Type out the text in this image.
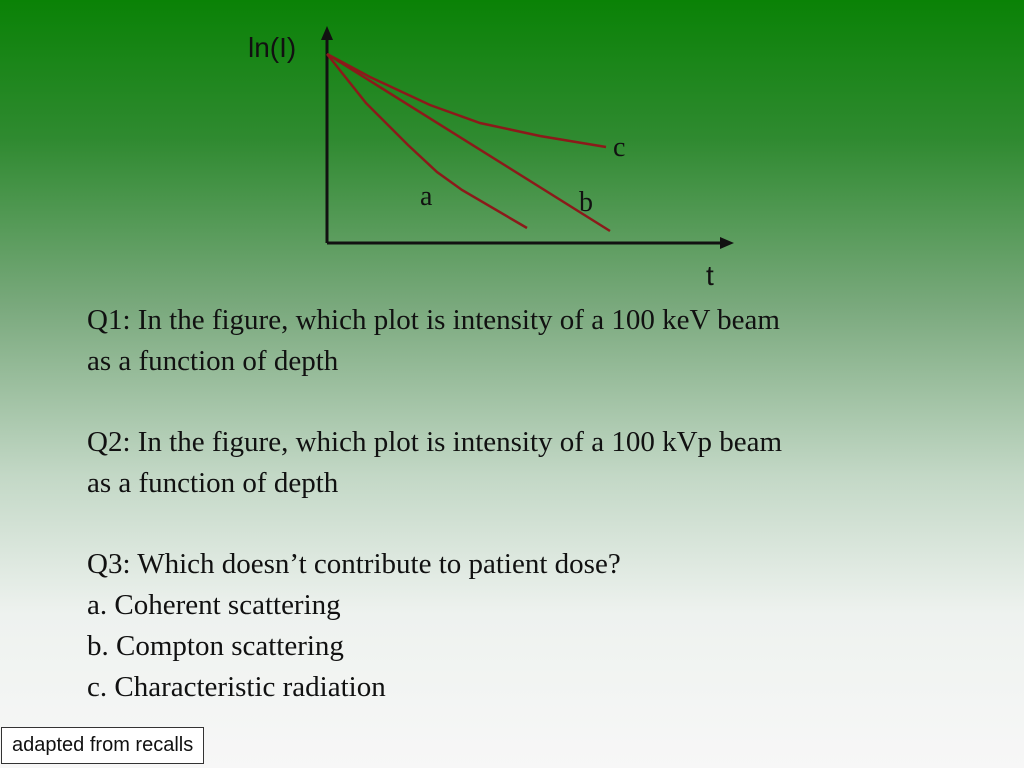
ln(I)
t
a	b
c
Q1: In the figure, which plot is intensity of a 100 keV beam
as a function of depth
Q2: In the figure, which plot is intensity of a 100 kVp beam
as a function of depth
Q3: Which doesn’t contribute to patient dose?
a. Coherent scattering
b. Compton scattering
c. Characteristic radiation
adapted from recalls
